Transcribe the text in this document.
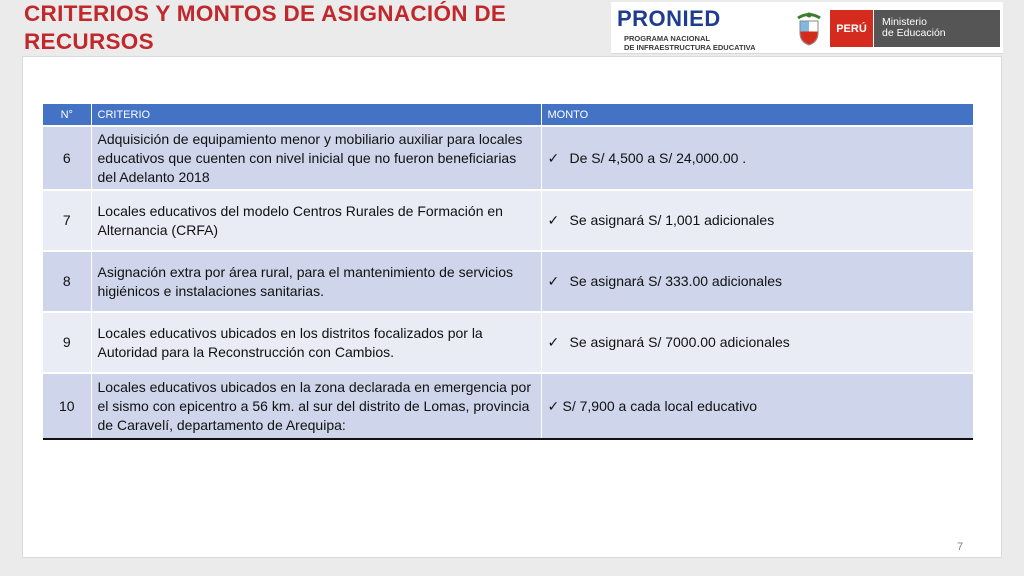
CRITERIOS Y MONTOS DE ASIGNACIÓN DE
RECURSOS
PRONIED
PROGRAMA NACIONAL
DE INFRAESTRUCTURA EDUCATIVA
PERÚ
Ministerio
de Educación
N°	CRITERIO	MONTO
6	Adquisición de equipamiento menor y mobiliario auxiliar para locales educativos que cuenten con nivel inicial que no fueron beneficiarias del Adelanto 2018	✓ De S/ 4,500 a S/ 24,000.00 .
7	Locales educativos del modelo Centros Rurales de Formación en Alternancia (CRFA)	✓ Se asignará S/ 1,001 adicionales
8	Asignación extra por área rural, para el mantenimiento de servicios higiénicos e instalaciones sanitarias.	✓ Se asignará S/ 333.00 adicionales
9	Locales educativos ubicados en los distritos focalizados por la Autoridad para la Reconstrucción con Cambios.	✓ Se asignará S/ 7000.00 adicionales
10	Locales educativos ubicados en la zona declarada en emergencia por el sismo con epicentro a 56 km. al sur del distrito de Lomas, provincia de Caravelí, departamento de Arequipa:	✓ S/ 7,900 a cada local educativo
7
